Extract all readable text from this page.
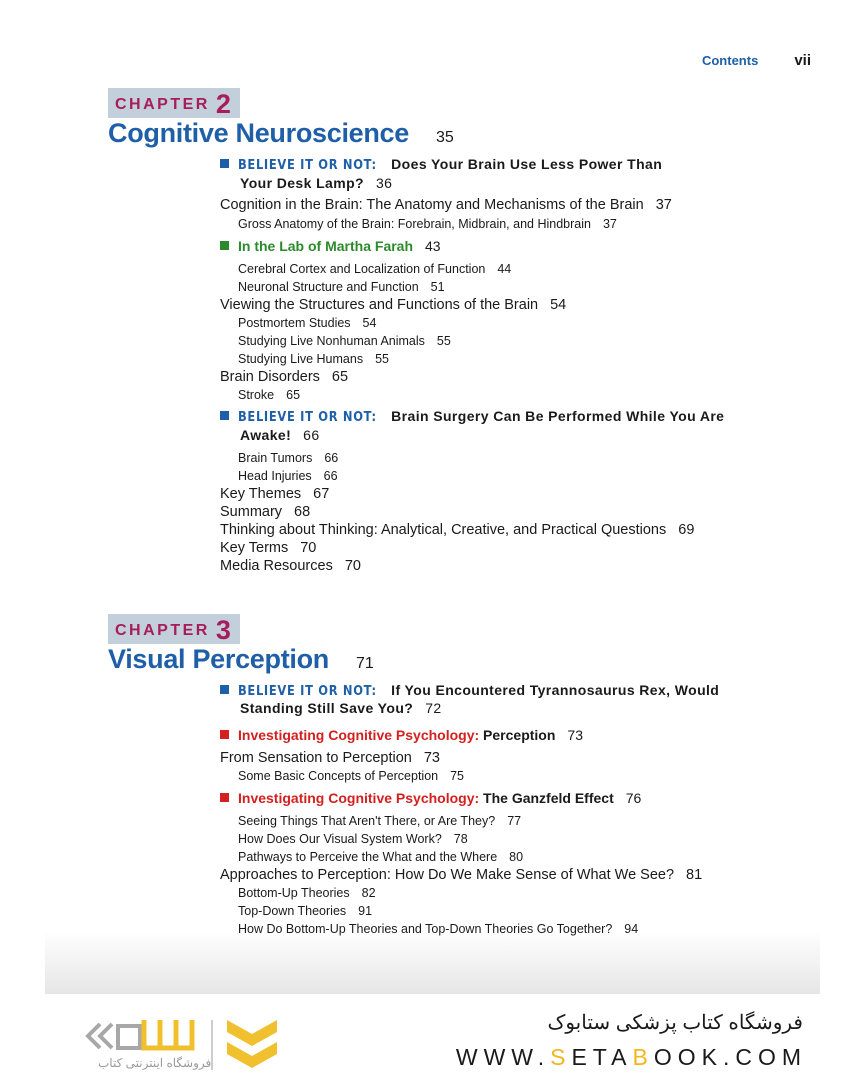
Contents vii
CHAPTER 2
Cognitive Neuroscience 35
BELIEVE IT OR NOT: Does Your Brain Use Less Power Than
Your Desk Lamp? 36
Cognition in the Brain: The Anatomy and Mechanisms of the Brain 37
Gross Anatomy of the Brain: Forebrain, Midbrain, and Hindbrain 37
In the Lab of Martha Farah 43
Cerebral Cortex and Localization of Function 44
Neuronal Structure and Function 51
Viewing the Structures and Functions of the Brain 54
Postmortem Studies 54
Studying Live Nonhuman Animals 55
Studying Live Humans 55
Brain Disorders 65
Stroke 65
BELIEVE IT OR NOT: Brain Surgery Can Be Performed While You Are
Awake! 66
Brain Tumors 66
Head Injuries 66
Key Themes 67
Summary 68
Thinking about Thinking: Analytical, Creative, and Practical Questions 69
Key Terms 70
Media Resources 70
CHAPTER 3
Visual Perception 71
BELIEVE IT OR NOT: If You Encountered Tyrannosaurus Rex, Would
Standing Still Save You? 72
Investigating Cognitive Psychology: Perception 73
From Sensation to Perception 73
Some Basic Concepts of Perception 75
Investigating Cognitive Psychology: The Ganzfeld Effect 76
Seeing Things That Aren't There, or Are They? 77
How Does Our Visual System Work? 78
Pathways to Perceive the What and the Where 80
Approaches to Perception: How Do We Make Sense of What We See? 81
Bottom-Up Theories 82
Top-Down Theories 91
How Do Bottom-Up Theories and Top-Down Theories Go Together? 94
فروشگاه اینترنتی کتاب
فروشگاه کتاب پزشکی ستابوک
WWW.SETABOOK.COM
